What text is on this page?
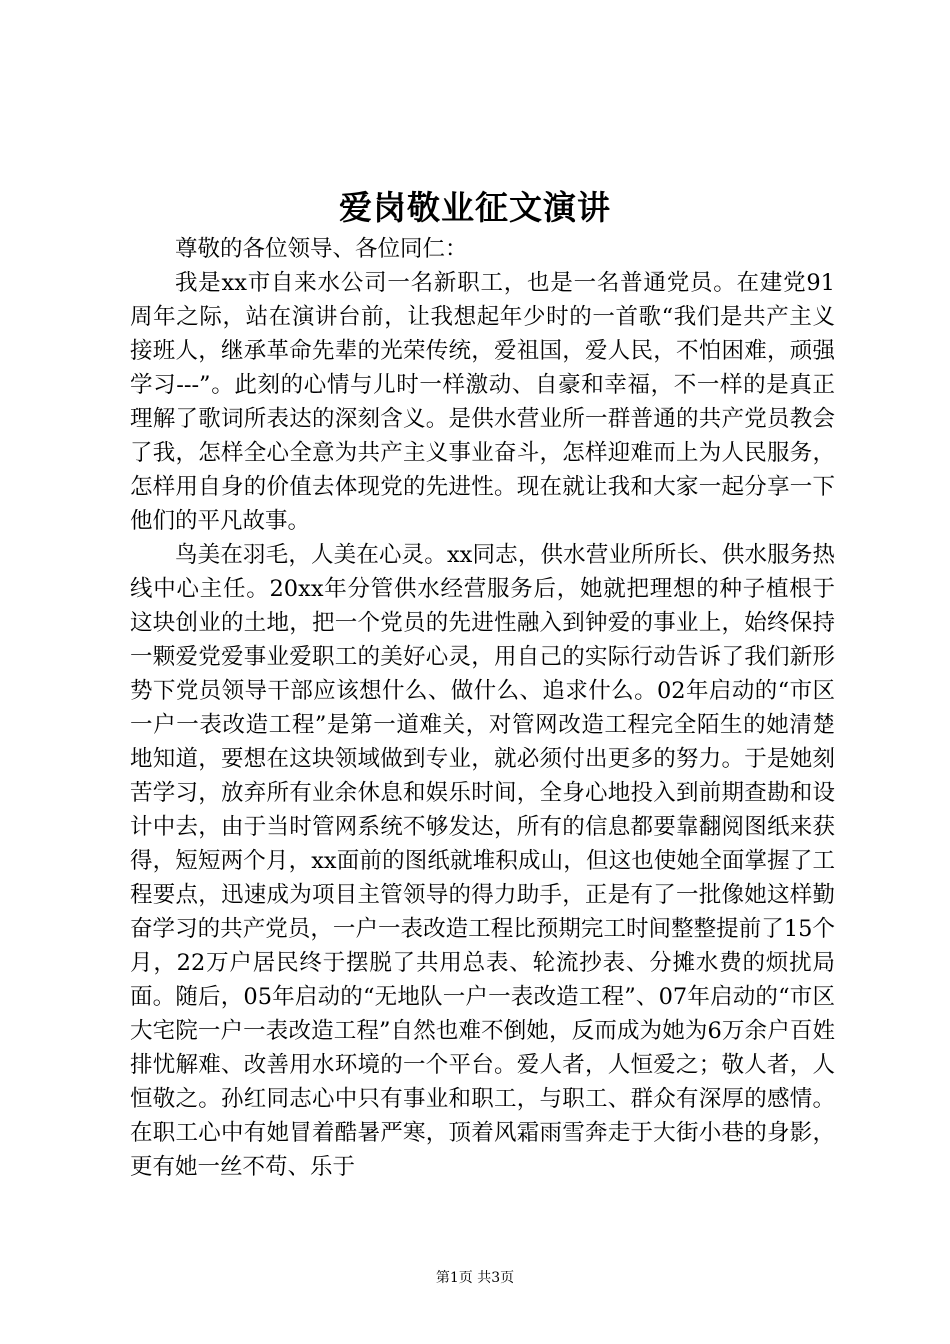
爱岗敬业征文演讲

尊敬的各位领导、各位同仁：

我是xx市自来水公司一名新职工，也是一名普通党员。在建党91周年之际，站在演讲台前，让我想起年少时的一首歌“我们是共产主义接班人，继承革命先辈的光荣传统，爱祖国，爱人民，不怕困难，顽强学习---”。此刻的心情与儿时一样激动、自豪和幸福，不一样的是真正理解了歌词所表达的深刻含义。是供水营业所一群普通的共产党员教会了我，怎样全心全意为共产主义事业奋斗，怎样迎难而上为人民服务，怎样用自身的价值去体现党的先进性。现在就让我和大家一起分享一下他们的平凡故事。

鸟美在羽毛，人美在心灵。xx同志，供水营业所所长、供水服务热线中心主任。20xx年分管供水经营服务后，她就把理想的种子植根于这块创业的土地，把一个党员的先进性融入到钟爱的事业上，始终保持一颗爱党爱事业爱职工的美好心灵，用自己的实际行动告诉了我们新形势下党员领导干部应该想什么、做什么、追求什么。02年启动的“市区一户一表改造工程”是第一道难关，对管网改造工程完全陌生的她清楚地知道，要想在这块领域做到专业，就必须付出更多的努力。于是她刻苦学习，放弃所有业余休息和娱乐时间，全身心地投入到前期查勘和设计中去，由于当时管网系统不够发达，所有的信息都要靠翻阅图纸来获得，短短两个月，xx面前的图纸就堆积成山，但这也使她全面掌握了工程要点，迅速成为项目主管领导的得力助手，正是有了一批像她这样勤奋学习的共产党员，一户一表改造工程比预期完工时间整整提前了15个月，22万户居民终于摆脱了共用总表、轮流抄表、分摊水费的烦扰局面。随后，05年启动的“无地队一户一表改造工程”、07年启动的“市区大宅院一户一表改造工程”自然也难不倒她，反而成为她为6万余户百姓排忧解难、改善用水环境的一个平台。爱人者，人恒爱之；敬人者，人恒敬之。孙红同志心中只有事业和职工，与职工、群众有深厚的感情。在职工心中有她冒着酷暑严寒，顶着风霜雨雪奔走于大街小巷的身影，更有她一丝不苟、乐于

第1页 共3页
